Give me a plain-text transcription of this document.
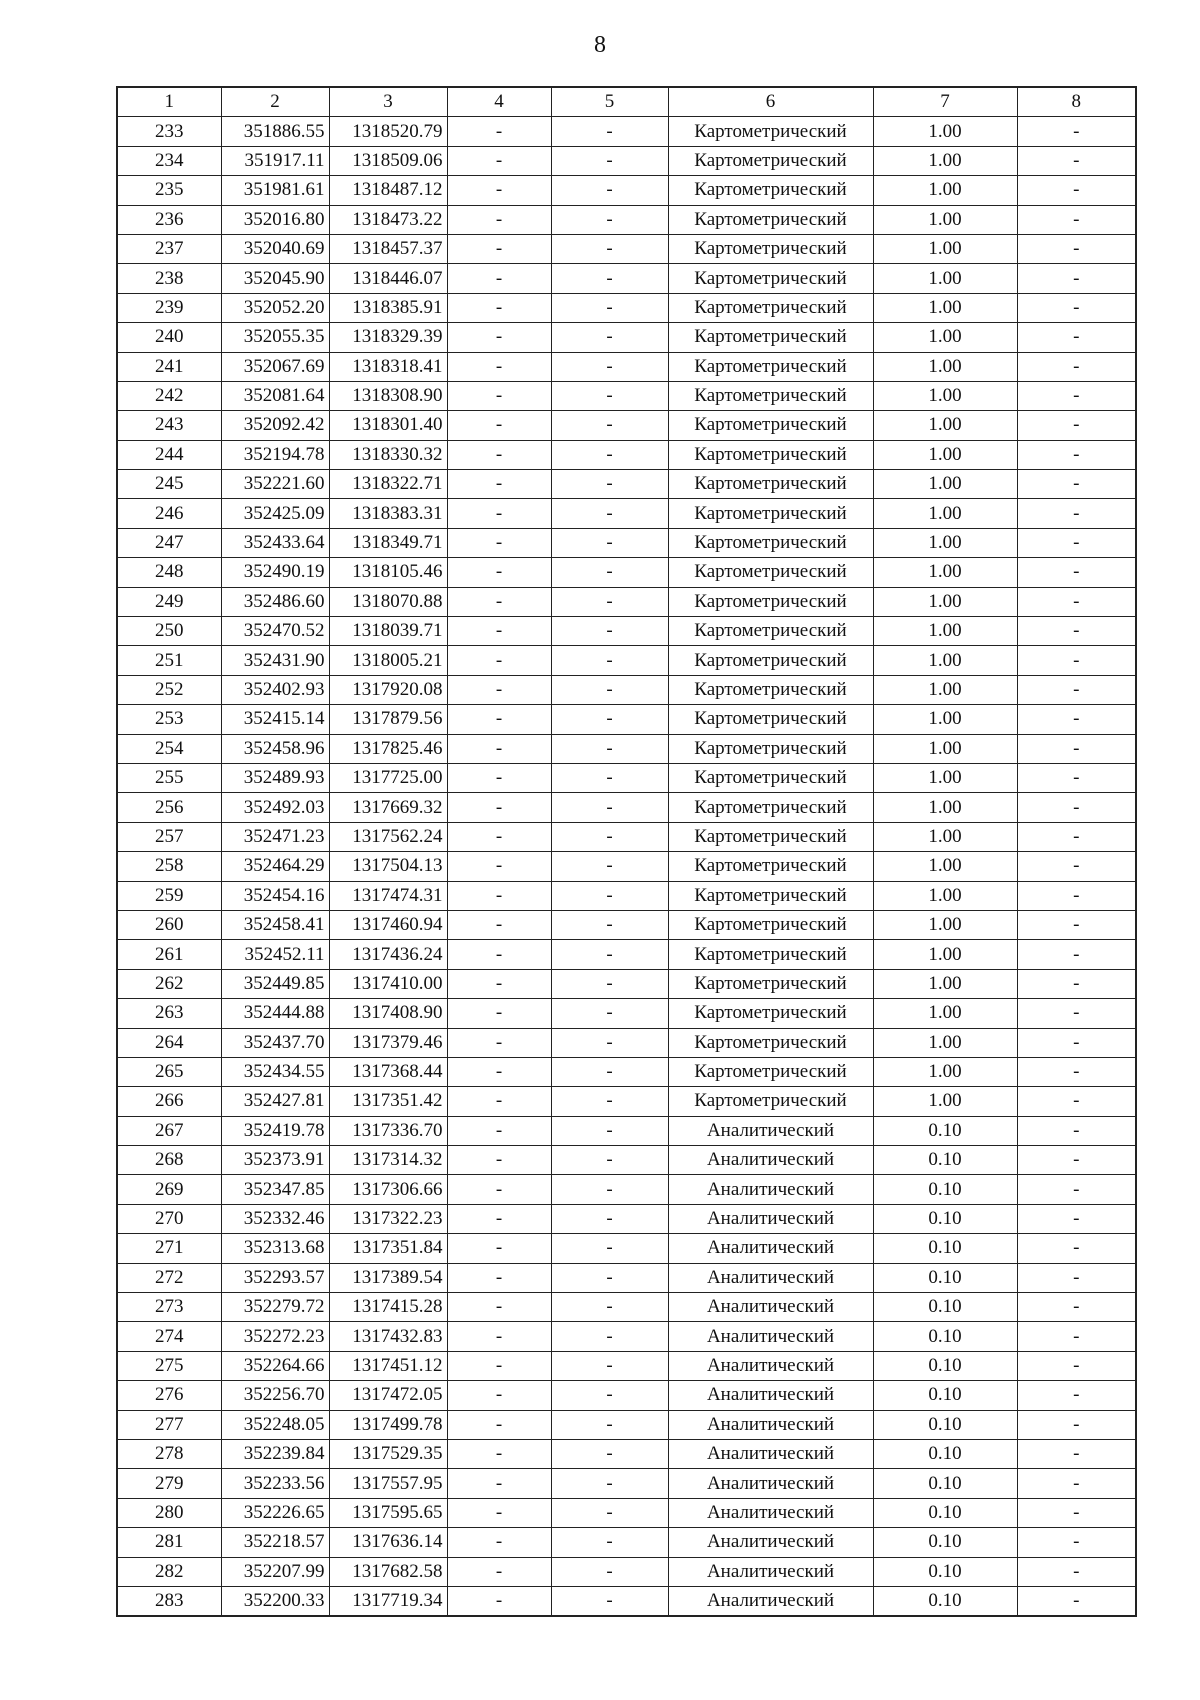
8
1	2	3	4	5	6	7	8
233	351886.55	1318520.79	-	-	Картометрический	1.00	-
234	351917.11	1318509.06	-	-	Картометрический	1.00	-
235	351981.61	1318487.12	-	-	Картометрический	1.00	-
236	352016.80	1318473.22	-	-	Картометрический	1.00	-
237	352040.69	1318457.37	-	-	Картометрический	1.00	-
238	352045.90	1318446.07	-	-	Картометрический	1.00	-
239	352052.20	1318385.91	-	-	Картометрический	1.00	-
240	352055.35	1318329.39	-	-	Картометрический	1.00	-
241	352067.69	1318318.41	-	-	Картометрический	1.00	-
242	352081.64	1318308.90	-	-	Картометрический	1.00	-
243	352092.42	1318301.40	-	-	Картометрический	1.00	-
244	352194.78	1318330.32	-	-	Картометрический	1.00	-
245	352221.60	1318322.71	-	-	Картометрический	1.00	-
246	352425.09	1318383.31	-	-	Картометрический	1.00	-
247	352433.64	1318349.71	-	-	Картометрический	1.00	-
248	352490.19	1318105.46	-	-	Картометрический	1.00	-
249	352486.60	1318070.88	-	-	Картометрический	1.00	-
250	352470.52	1318039.71	-	-	Картометрический	1.00	-
251	352431.90	1318005.21	-	-	Картометрический	1.00	-
252	352402.93	1317920.08	-	-	Картометрический	1.00	-
253	352415.14	1317879.56	-	-	Картометрический	1.00	-
254	352458.96	1317825.46	-	-	Картометрический	1.00	-
255	352489.93	1317725.00	-	-	Картометрический	1.00	-
256	352492.03	1317669.32	-	-	Картометрический	1.00	-
257	352471.23	1317562.24	-	-	Картометрический	1.00	-
258	352464.29	1317504.13	-	-	Картометрический	1.00	-
259	352454.16	1317474.31	-	-	Картометрический	1.00	-
260	352458.41	1317460.94	-	-	Картометрический	1.00	-
261	352452.11	1317436.24	-	-	Картометрический	1.00	-
262	352449.85	1317410.00	-	-	Картометрический	1.00	-
263	352444.88	1317408.90	-	-	Картометрический	1.00	-
264	352437.70	1317379.46	-	-	Картометрический	1.00	-
265	352434.55	1317368.44	-	-	Картометрический	1.00	-
266	352427.81	1317351.42	-	-	Картометрический	1.00	-
267	352419.78	1317336.70	-	-	Аналитический	0.10	-
268	352373.91	1317314.32	-	-	Аналитический	0.10	-
269	352347.85	1317306.66	-	-	Аналитический	0.10	-
270	352332.46	1317322.23	-	-	Аналитический	0.10	-
271	352313.68	1317351.84	-	-	Аналитический	0.10	-
272	352293.57	1317389.54	-	-	Аналитический	0.10	-
273	352279.72	1317415.28	-	-	Аналитический	0.10	-
274	352272.23	1317432.83	-	-	Аналитический	0.10	-
275	352264.66	1317451.12	-	-	Аналитический	0.10	-
276	352256.70	1317472.05	-	-	Аналитический	0.10	-
277	352248.05	1317499.78	-	-	Аналитический	0.10	-
278	352239.84	1317529.35	-	-	Аналитический	0.10	-
279	352233.56	1317557.95	-	-	Аналитический	0.10	-
280	352226.65	1317595.65	-	-	Аналитический	0.10	-
281	352218.57	1317636.14	-	-	Аналитический	0.10	-
282	352207.99	1317682.58	-	-	Аналитический	0.10	-
283	352200.33	1317719.34	-	-	Аналитический	0.10	-
